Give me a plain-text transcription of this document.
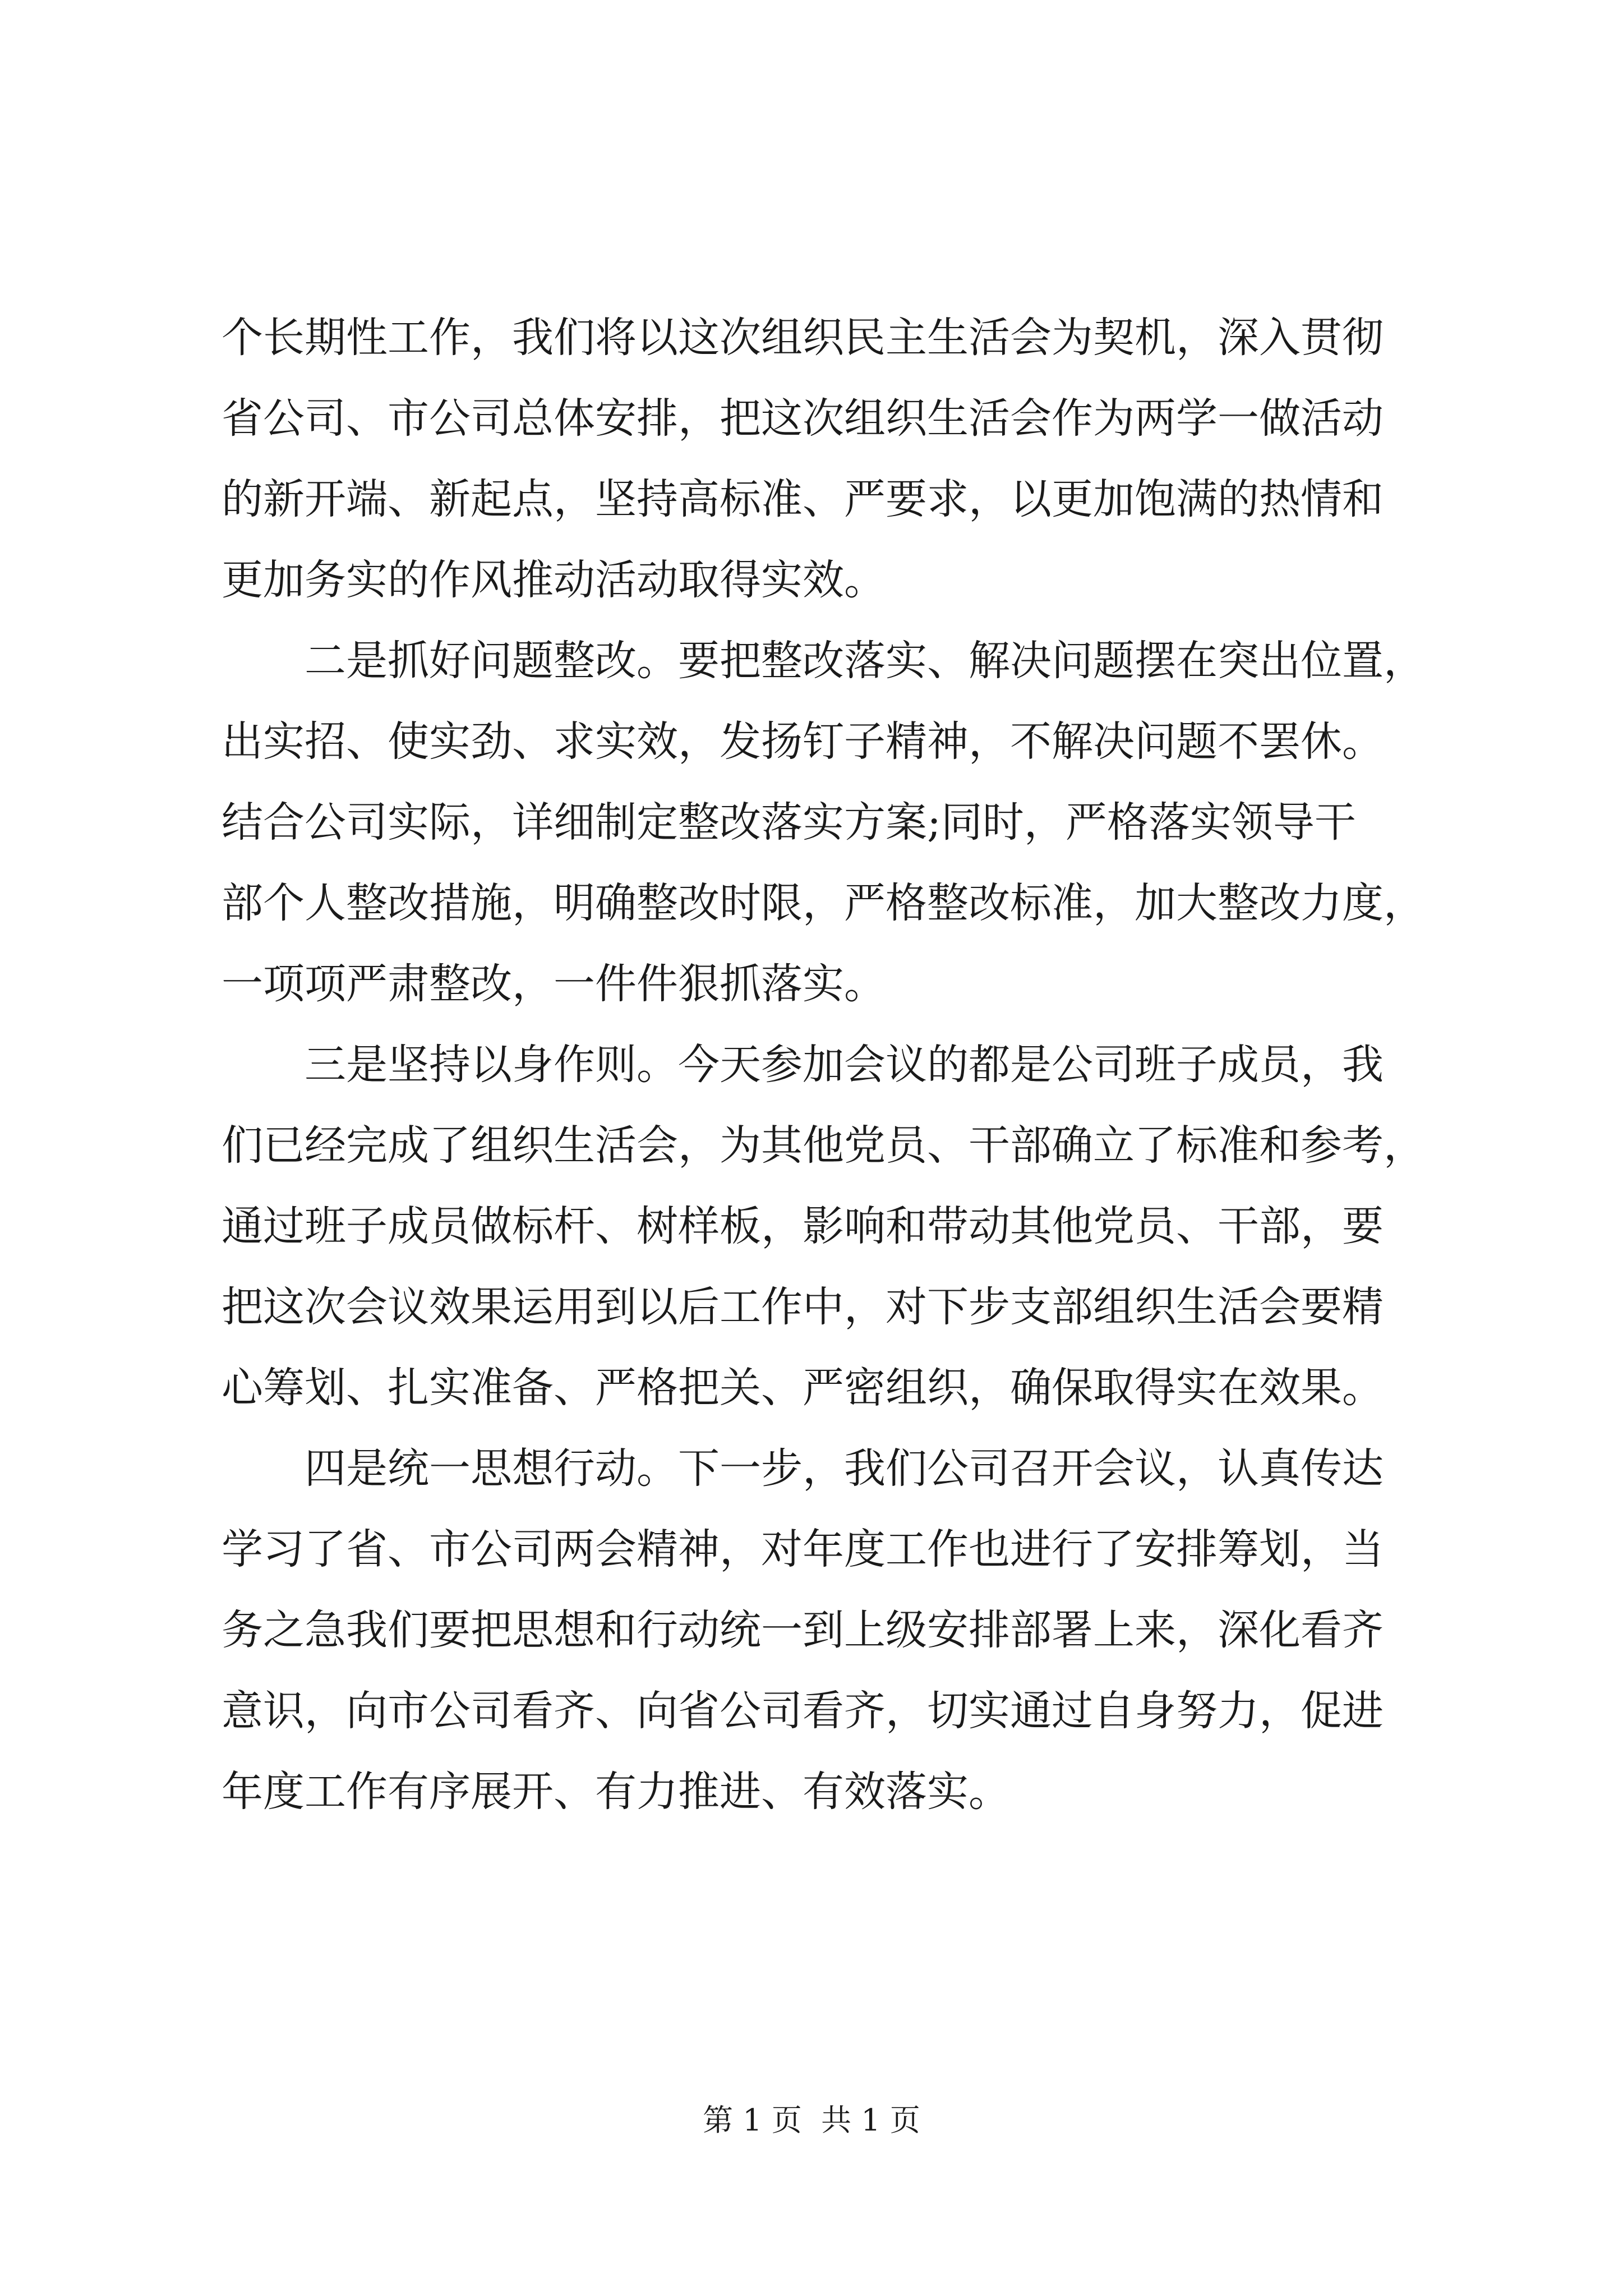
个长期性工作，我们将以这次组织民主生活会为契机，深入贯彻
省公司、市公司总体安排，把这次组织生活会作为两学一做活动
的新开端、新起点，坚持高标准、严要求，以更加饱满的热情和
更加务实的作风推动活动取得实效。
　　二是抓好问题整改。要把整改落实、解决问题摆在突出位置，
出实招、使实劲、求实效，发扬钉子精神，不解决问题不罢休。
结合公司实际，详细制定整改落实方案;同时，严格落实领导干
部个人整改措施，明确整改时限，严格整改标准，加大整改力度，
一项项严肃整改，一件件狠抓落实。
　　三是坚持以身作则。今天参加会议的都是公司班子成员，我
们已经完成了组织生活会，为其他党员、干部确立了标准和参考，
通过班子成员做标杆、树样板，影响和带动其他党员、干部，要
把这次会议效果运用到以后工作中，对下步支部组织生活会要精
心筹划、扎实准备、严格把关、严密组织，确保取得实在效果。
　　四是统一思想行动。下一步，我们公司召开会议，认真传达
学习了省、市公司两会精神，对年度工作也进行了安排筹划，当
务之急我们要把思想和行动统一到上级安排部署上来，深化看齐
意识，向市公司看齐、向省公司看齐，切实通过自身努力，促进
年度工作有序展开、有力推进、有效落实。
第 1 页  共 1 页
